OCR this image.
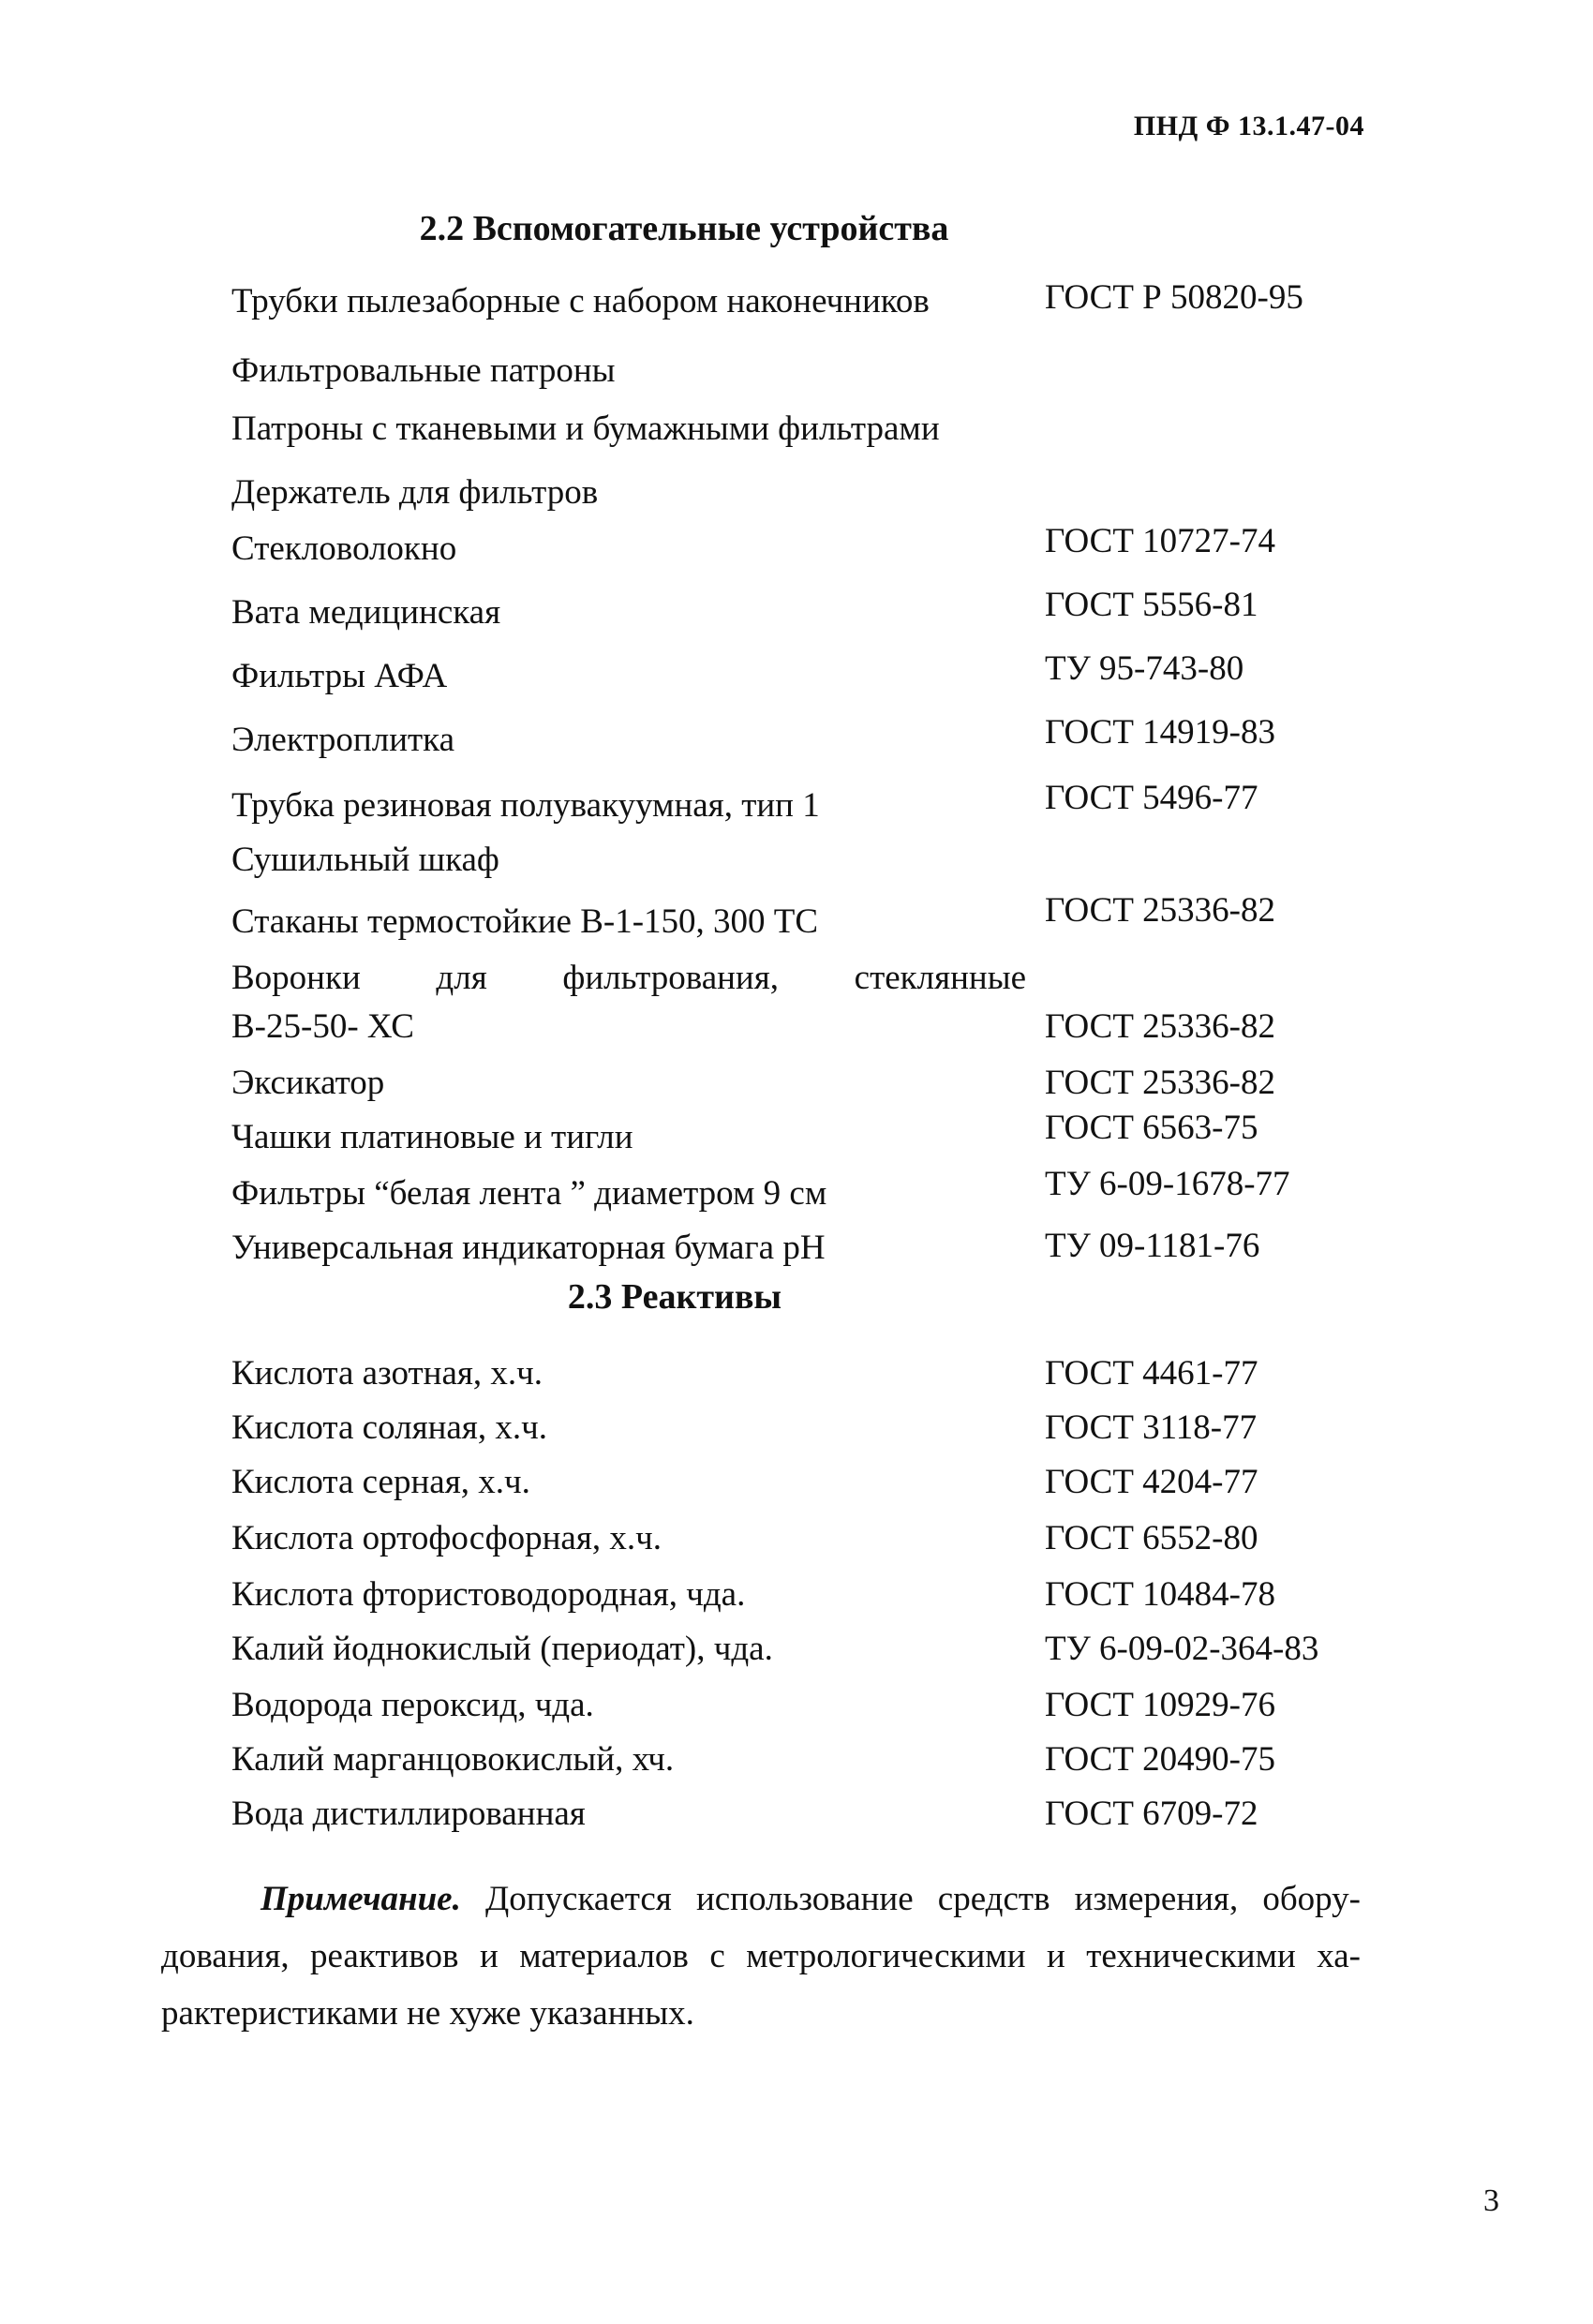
ПНД Ф 13.1.47-04
2.2 Вспомогательные устройства
Трубки пылезаборные с набором наконечников	ГОСТ Р 50820-95
Фильтровальные патроны
Патроны с тканевыми и бумажными фильтрами
Держатель для фильтров
Стекловолокно	ГОСТ 10727-74
Вата медицинская	ГОСТ 5556-81
Фильтры АФА	ТУ 95-743-80
Электроплитка	ГОСТ 14919-83
Трубка резиновая полувакуумная, тип 1	ГОСТ 5496-77
Сушильный шкаф
Стаканы термостойкие В-1-150, 300 ТС	ГОСТ 25336-82
Воронки для фильтрования, стеклянные
В-25-50- ХС	ГОСТ 25336-82
Эксикатор	ГОСТ 25336-82
Чашки платиновые и тигли	ГОСТ 6563-75
Фильтры “белая лента ” диаметром 9 см	ТУ 6-09-1678-77
Универсальная индикаторная бумага рН	ТУ 09-1181-76
2.3 Реактивы
Кислота азотная, х.ч.	ГОСТ 4461-77
Кислота соляная, х.ч.	ГОСТ 3118-77
Кислота серная, х.ч.	ГОСТ 4204-77
Кислота ортофосфорная, х.ч.	ГОСТ 6552-80
Кислота фтористоводородная, чда.	ГОСТ 10484-78
Калий йоднокислый (периодат), чда.	ТУ 6-09-02-364-83
Водорода пероксид, чда.	ГОСТ 10929-76
Калий марганцовокислый, хч.	ГОСТ 20490-75
Вода дистиллированная	ГОСТ 6709-72
Примечание. Допускается использование средств измерения, обору-
дования, реактивов и материалов с метрологическими и техническими ха-
рактеристиками не хуже указанных.
3
